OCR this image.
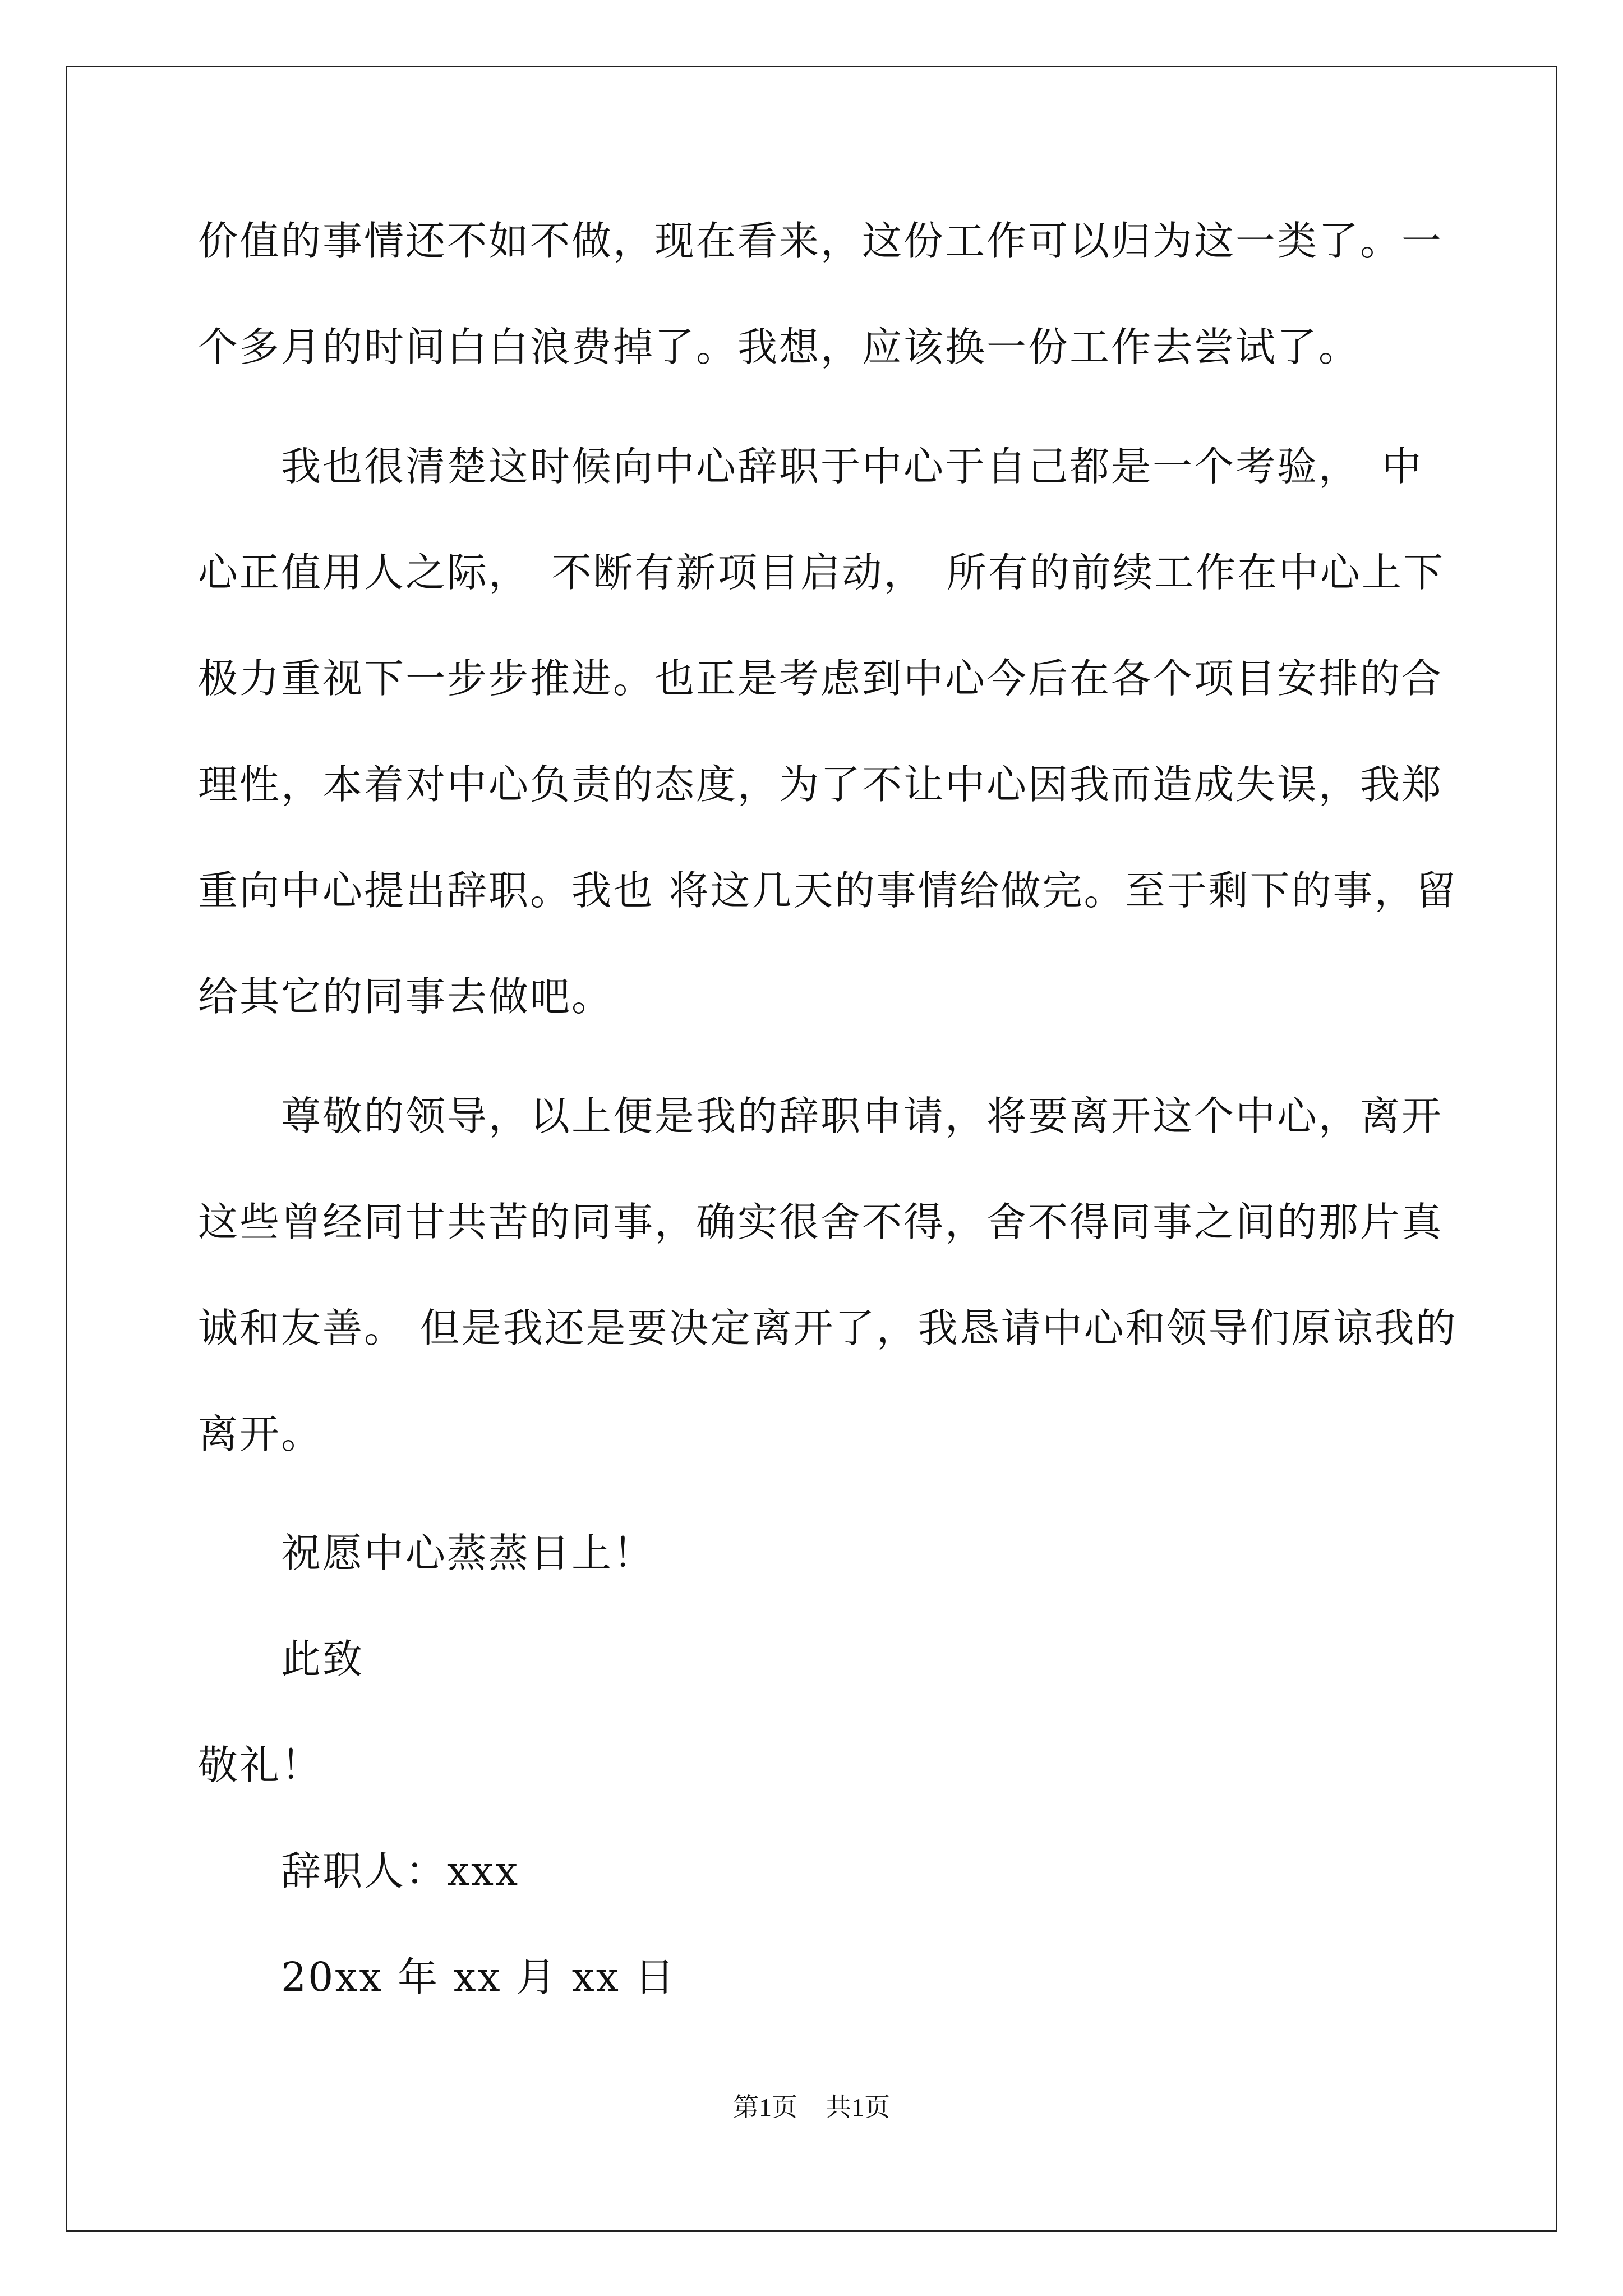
价值的事情还不如不做，现在看来，这份工作可以归为这一类了。一

个多月的时间白白浪费掉了。我想，应该换一份工作去尝试了。

　　我也很清楚这时候向中心辞职于中心于自己都是一个考验，　中

心正值用人之际，　不断有新项目启动，　所有的前续工作在中心上下

极力重视下一步步推进。也正是考虑到中心今后在各个项目安排的合

理性，本着对中心负责的态度，为了不让中心因我而造成失误，我郑

重向中心提出辞职。我也 将这几天的事情给做完。至于剩下的事，留

给其它的同事去做吧。

　　尊敬的领导，以上便是我的辞职申请，将要离开这个中心，离开

这些曾经同甘共苦的同事，确实很舍不得，舍不得同事之间的那片真

诚和友善。 但是我还是要决定离开了，我恳请中心和领导们原谅我的

离开。

　　祝愿中心蒸蒸日上！

　　此致

敬礼！

　　辞职人：xxx

　　20xx 年 xx 月 xx 日

第1页 共1页
